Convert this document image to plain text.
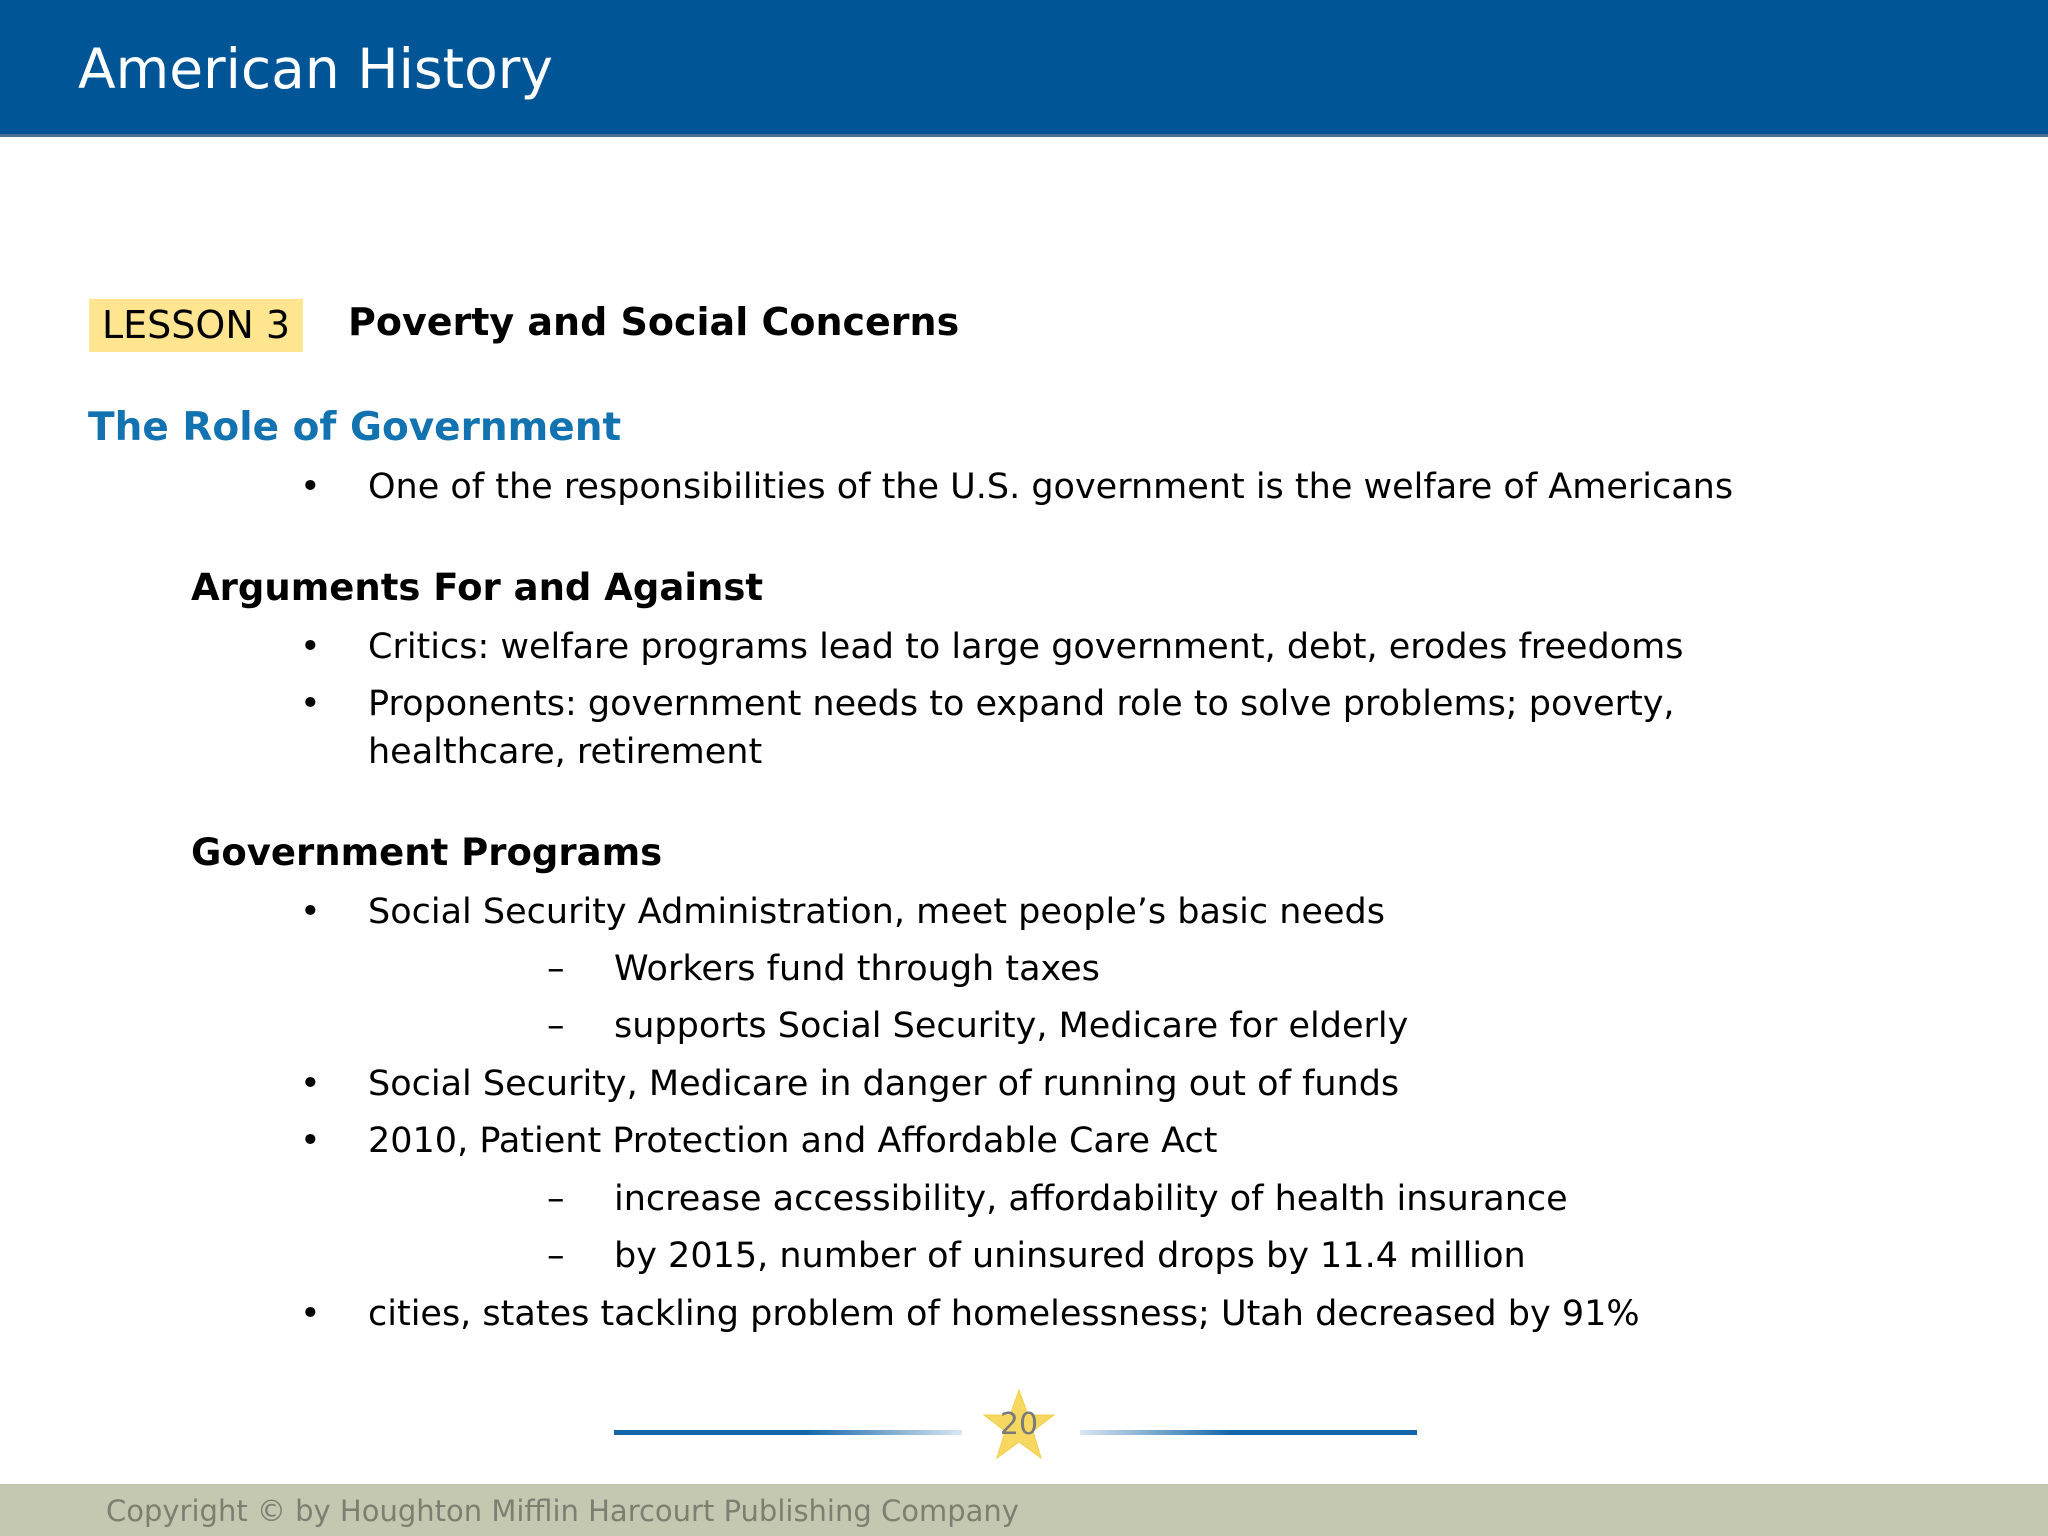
American History
LESSON 3	Poverty and Social Concerns
The Role of Government
• One of the responsibilities of the U.S. government is the welfare of Americans
Arguments For and Against
• Critics: welfare programs lead to large government, debt, erodes freedoms
• Proponents: government needs to expand role to solve problems; poverty, healthcare, retirement
Government Programs
• Social Security Administration, meet people’s basic needs
–	Workers fund through taxes
–	supports Social Security, Medicare for elderly
• Social Security, Medicare in danger of running out of funds
• 2010, Patient Protection and Affordable Care Act
–	increase accessibility, affordability of health insurance
–	by 2015, number of uninsured drops by 11.4 million
• cities, states tackling problem of homelessness; Utah decreased by 91%
20
Copyright © by Houghton Mifflin Harcourt Publishing Company
